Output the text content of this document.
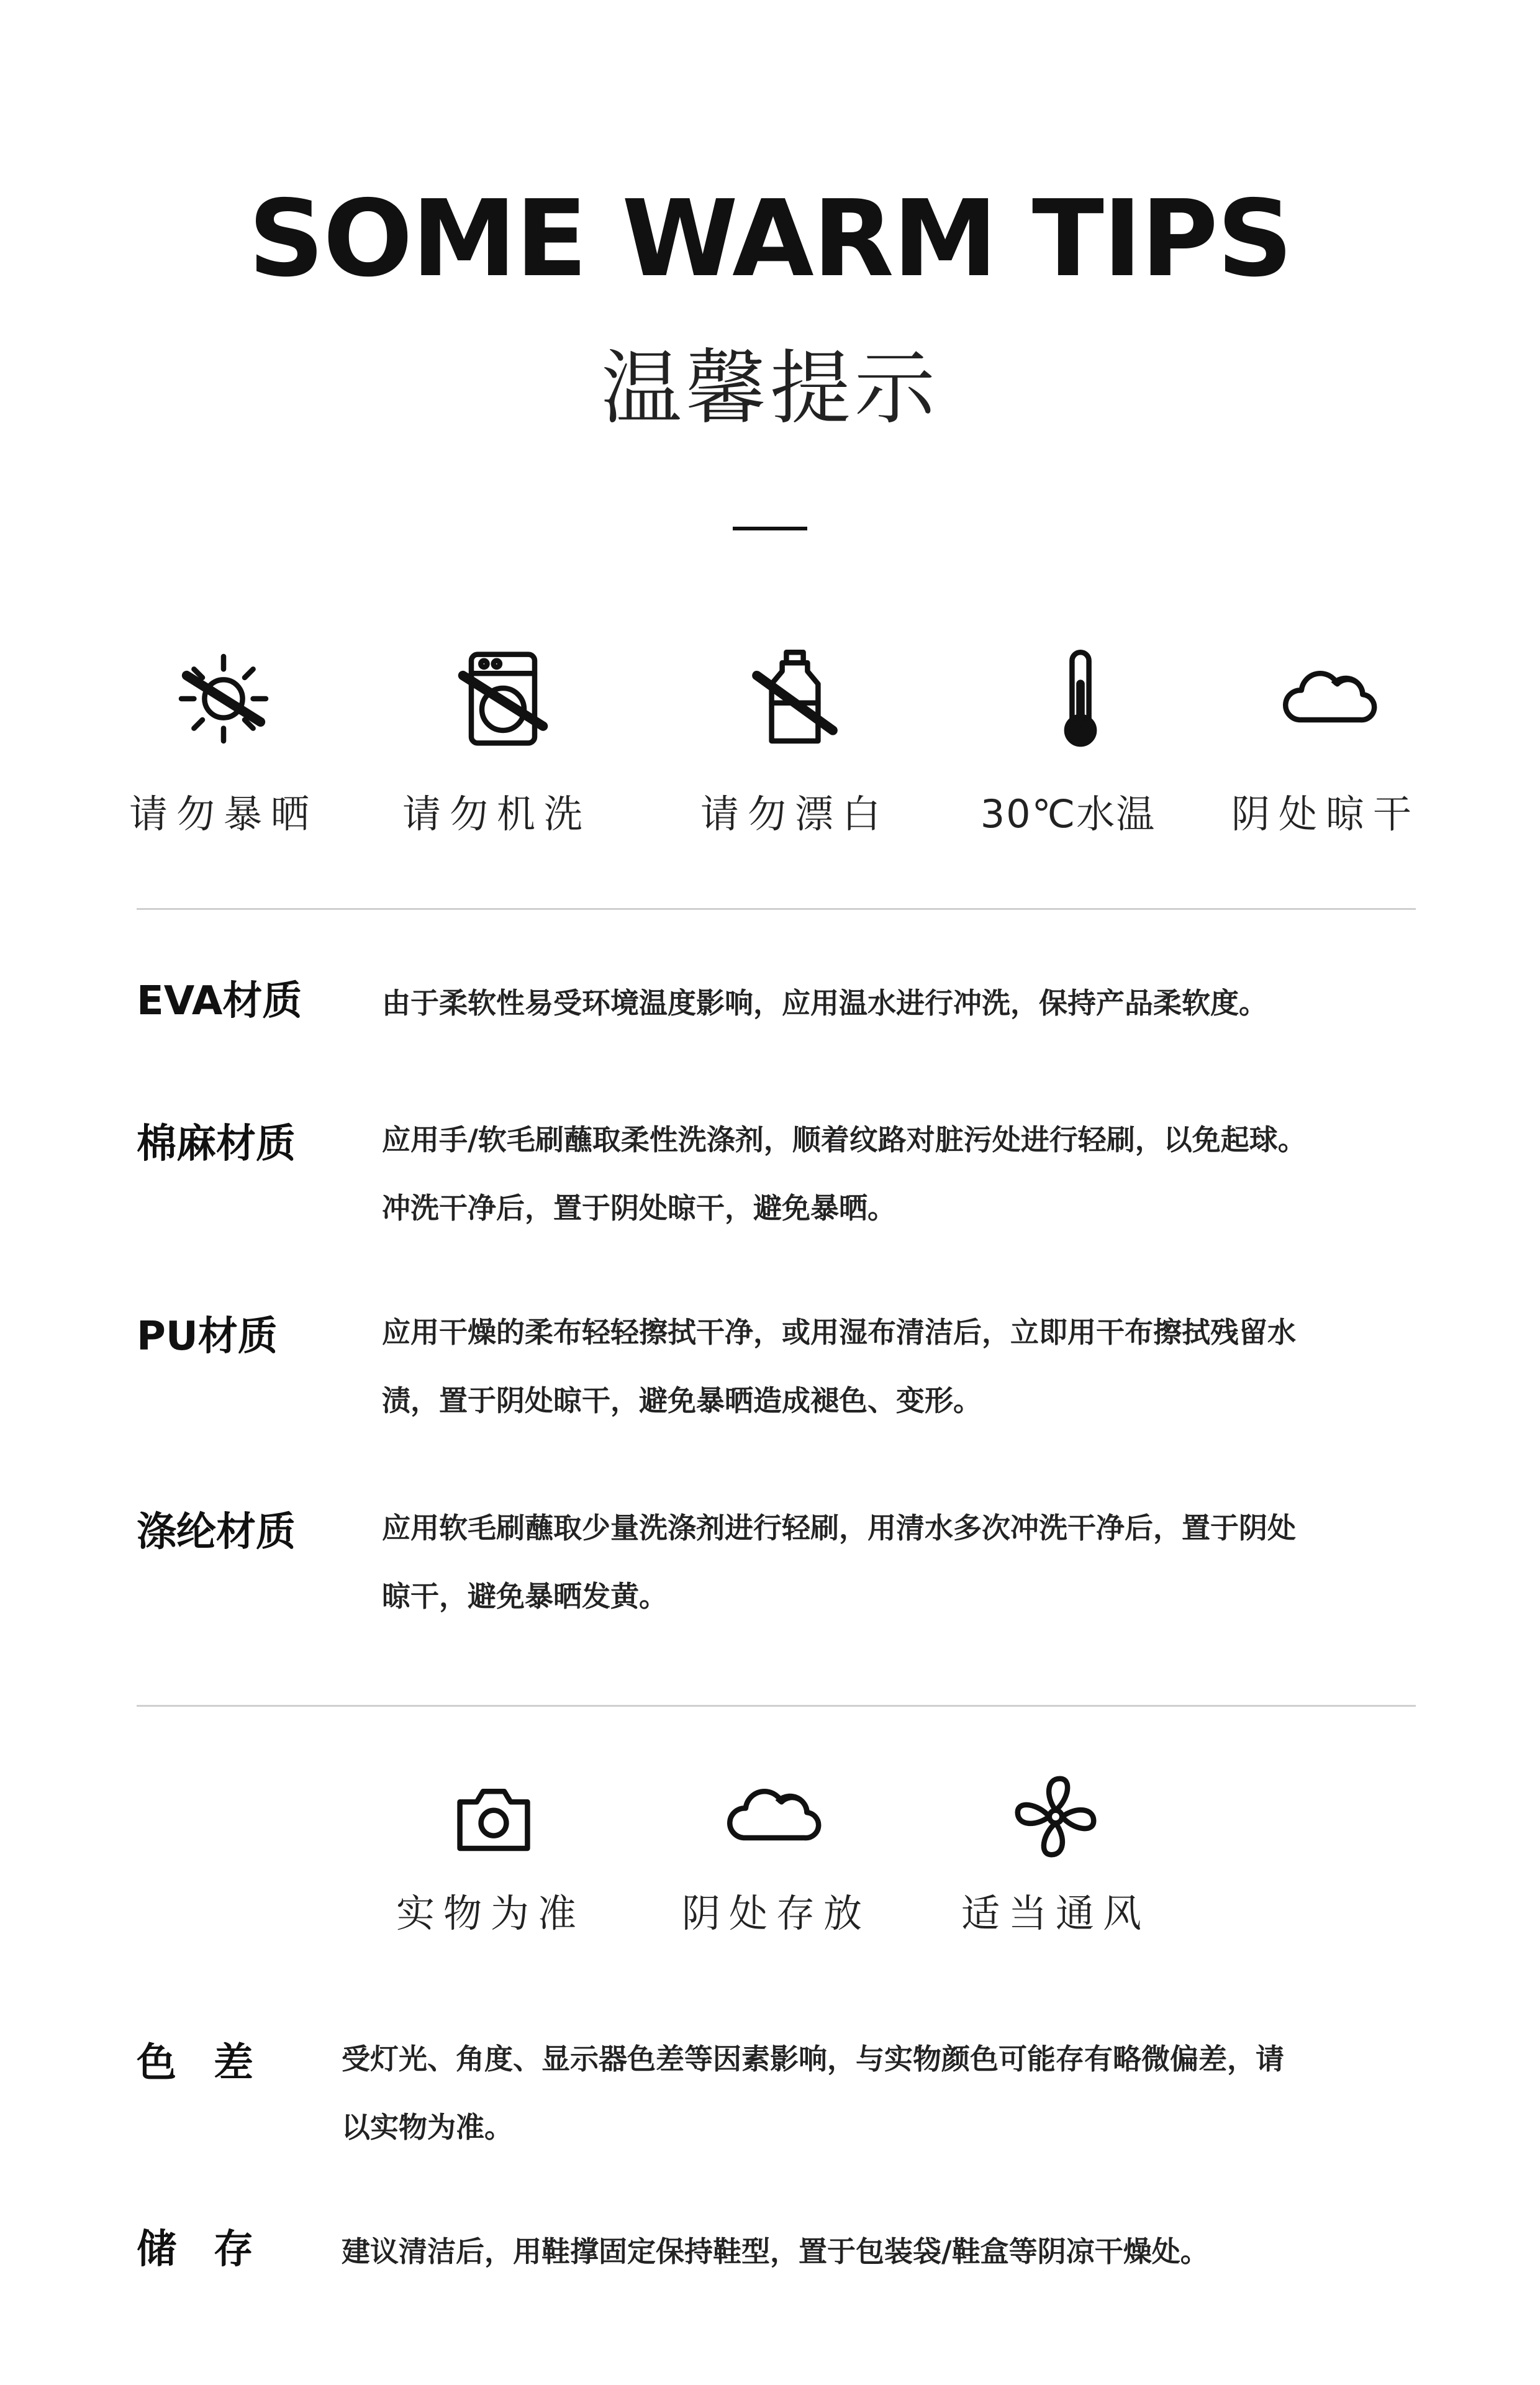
SOME WARM TIPS
温馨提示
请勿暴晒	请勿机洗	请勿漂白	30℃水温	阴处晾干
EVA材质	由于柔软性易受环境温度影响，应用温水进行冲洗，保持产品柔软度。
棉麻材质	应用手/软毛刷蘸取柔性洗涤剂，顺着纹路对脏污处进行轻刷，以免起球。
冲洗干净后，置于阴处晾干，避免暴晒。
PU材质	应用干燥的柔布轻轻擦拭干净，或用湿布清洁后，立即用干布擦拭残留水
渍，置于阴处晾干，避免暴晒造成褪色、变形。
涤纶材质	应用软毛刷蘸取少量洗涤剂进行轻刷，用清水多次冲洗干净后，置于阴处
晾干，避免暴晒发黄。
实物为准	阴处存放	适当通风
色差	受灯光、角度、显示器色差等因素影响，与实物颜色可能存有略微偏差，请
以实物为准。
储存	建议清洁后，用鞋撑固定保持鞋型，置于包装袋/鞋盒等阴凉干燥处。
